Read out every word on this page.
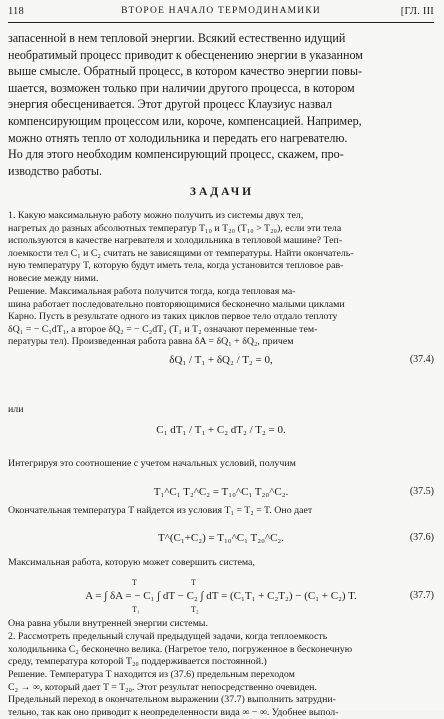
118	ВТОРОЕ НАЧАЛО ТЕРМОДИНАМИКИ	[ГЛ. III
запасенной в нем тепловой энергии. Всякий естественно идущий
необратимый процесс приводит к обесценению энергии в указанном
выше смысле. Обратный процесс, в котором качество энергии повы-
шается, возможен только при наличии другого процесса, в котором
энергия обесценивается. Этот другой процесс Клаузиус назвал
компенсирующим процессом или, короче, компенсацией. Например,
можно отнять тепло от холодильника и передать его нагревателю.
Но для этого необходим компенсирующий процесс, скажем, про-
изводство работы.
ЗАДАЧИ
1. Какую максимальную работу можно получить из системы двух тел,
нагретых до разных абсолютных температур T₁₀ и T₂₀ (T₁₀ > T₂₀), если эти тела
используются в качестве нагревателя и холодильника в тепловой машине? Теп-
лоемкости тел C₁ и C₂ считать не зависящими от температуры. Найти окончатель-
ную температуру T, которую будут иметь тела, когда установится тепловое рав-
новесие между ними.
Решение. Максимальная работа получится тогда, когда тепловая ма-
шина работает последовательно повторяющимися бесконечно малыми циклами
Карно. Пусть в результате одного из таких циклов первое тело отдало теплоту
δQ₁ = − C₁dT₁, а второе δQ₂ = − C₂dT₂ (T₁ и T₂ означают переменные тем-
пературы тел). Произведенная работа равна δA = δQ₁ + δQ₂, причем
δQ₁ / T₁ + δQ₂ / T₂ = 0,	(37.4)
или
C₁ dT₁ / T₁ + C₂ dT₂ / T₂ = 0.
Интегрируя это соотношение с учетом начальных условий, получим
T₁^C₁ T₂^C₂ = T₁₀^C₁ T₂₀^C₂.	(37.5)
Окончательная температура T найдется из условия T₁ = T₂ = T. Оно дает
T^(C₁+C₂) = T₁₀^C₁ T₂₀^C₂.	(37.6)
Максимальная работа, которую может совершить система,
A = ∫ δA = − C₁ ∫ dT − C₂ ∫ dT = (C₁T₁ + C₂T₂) − (C₁ + C₂) T.
T
T₁
T
T₂
(37.7)
Она равна убыли внутренней энергии системы.
2. Рассмотреть предельный случай предыдущей задачи, когда теплоемкость
холодильника C₂ бесконечно велика. (Нагретое тело, погруженное в бесконечную
среду, температура которой T₂₀ поддерживается постоянной.)
Решение. Температура T находится из (37.6) предельным переходом
C₂ → ∞, который дает T = T₂₀. Этот результат непосредственно очевиден.
Предельный переход в окончательном выражении (37.7) выполнить затрудни-
тельно, так как оно приводит к неопределенности вида ∞ − ∞. Удобнее выпол-
